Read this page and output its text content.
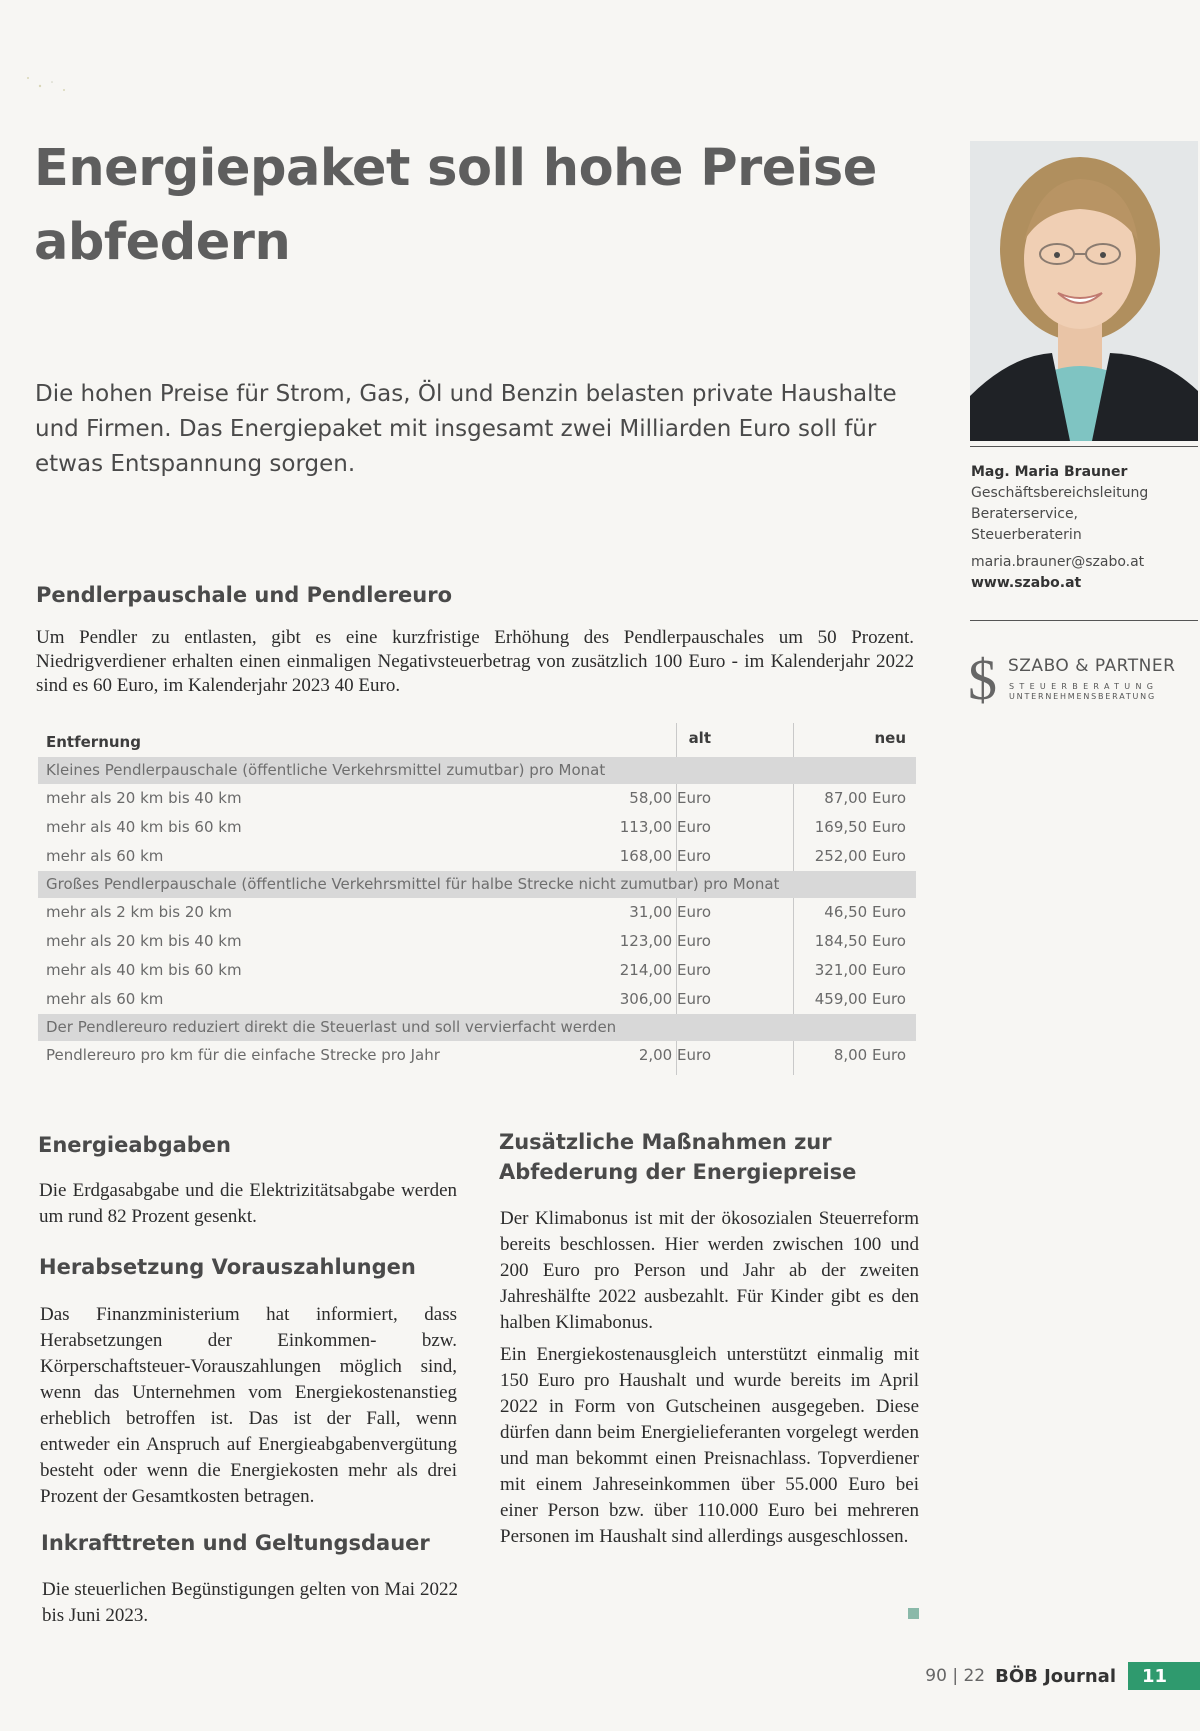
Energiepaket soll hohe Preise
abfedern

Die hohen Preise für Strom, Gas, Öl und Benzin belasten private Haushalte und Firmen. Das Energiepaket mit insgesamt zwei Milliarden Euro soll für etwas Entspannung sorgen.

Pendlerpauschale und Pendlereuro

Um Pendler zu entlasten, gibt es eine kurzfristige Erhöhung des Pendlerpauschales um 50 Prozent. Niedrigverdiener erhalten einen einmaligen Negativsteuerbetrag von zusätzlich 100 Euro - im Kalenderjahr 2022 sind es 60 Euro, im Kalenderjahr 2023 40 Euro.

Entfernung	alt	neu
Kleines Pendlerpauschale (öffentliche Verkehrsmittel zumutbar) pro Monat
mehr als 20 km bis 40 km	58,00 Euro	87,00 Euro
mehr als 40 km bis 60 km	113,00 Euro	169,50 Euro
mehr als 60 km	168,00 Euro	252,00 Euro
Großes Pendlerpauschale (öffentliche Verkehrsmittel für halbe Strecke nicht zumutbar) pro Monat
mehr als 2 km bis 20 km	31,00 Euro	46,50 Euro
mehr als 20 km bis 40 km	123,00 Euro	184,50 Euro
mehr als 40 km bis 60 km	214,00 Euro	321,00 Euro
mehr als 60 km	306,00 Euro	459,00 Euro
Der Pendlereuro reduziert direkt die Steuerlast und soll vervierfacht werden
Pendlereuro pro km für die einfache Strecke pro Jahr	2,00 Euro	8,00 Euro
Energieabgaben

Die Erdgasabgabe und die Elektrizitätsabgabe werden um rund 82 Prozent gesenkt.

Herabsetzung Vorauszahlungen

Das Finanzministerium hat informiert, dass Herabsetzungen der Einkommen- bzw. Körperschaftsteuer-Vorauszahlungen möglich sind, wenn das Unternehmen vom Energiekostenanstieg erheblich betroffen ist. Das ist der Fall, wenn entweder ein Anspruch auf Energieabgabenvergütung besteht oder wenn die Energiekosten mehr als drei Prozent der Gesamtkosten betragen.

Inkrafttreten und Geltungsdauer

Die steuerlichen Begünstigungen gelten von Mai 2022 bis Juni 2023.

Zusätzliche Maßnahmen zur
Abfederung der Energiepreise

Der Klimabonus ist mit der ökosozialen Steuerreform bereits beschlossen. Hier werden zwischen 100 und 200 Euro pro Person und Jahr ab der zweiten Jahreshälfte 2022 ausbezahlt. Für Kinder gibt es den halben Klimabonus.

Ein Energiekostenausgleich unterstützt einmalig mit 150 Euro pro Haushalt und wurde bereits im April 2022 in Form von Gutscheinen ausgegeben. Diese dürfen dann beim Energielieferanten vorgelegt werden und man bekommt einen Preisnachlass. Topverdiener mit einem Jahreseinkommen über 55.000 Euro bei einer Person bzw. über 110.000 Euro bei mehreren Personen im Haushalt sind allerdings ausgeschlossen.

Mag. Maria Brauner
Geschäftsbereichsleitung
Beraterservice,
Steuerberaterin
maria.brauner@szabo.at
www.szabo.at
$ SZABO & PARTNER
STEUERBERATUNG
UNTERNEHMENSBERATUNG
90 | 22 BÖB Journal	11
